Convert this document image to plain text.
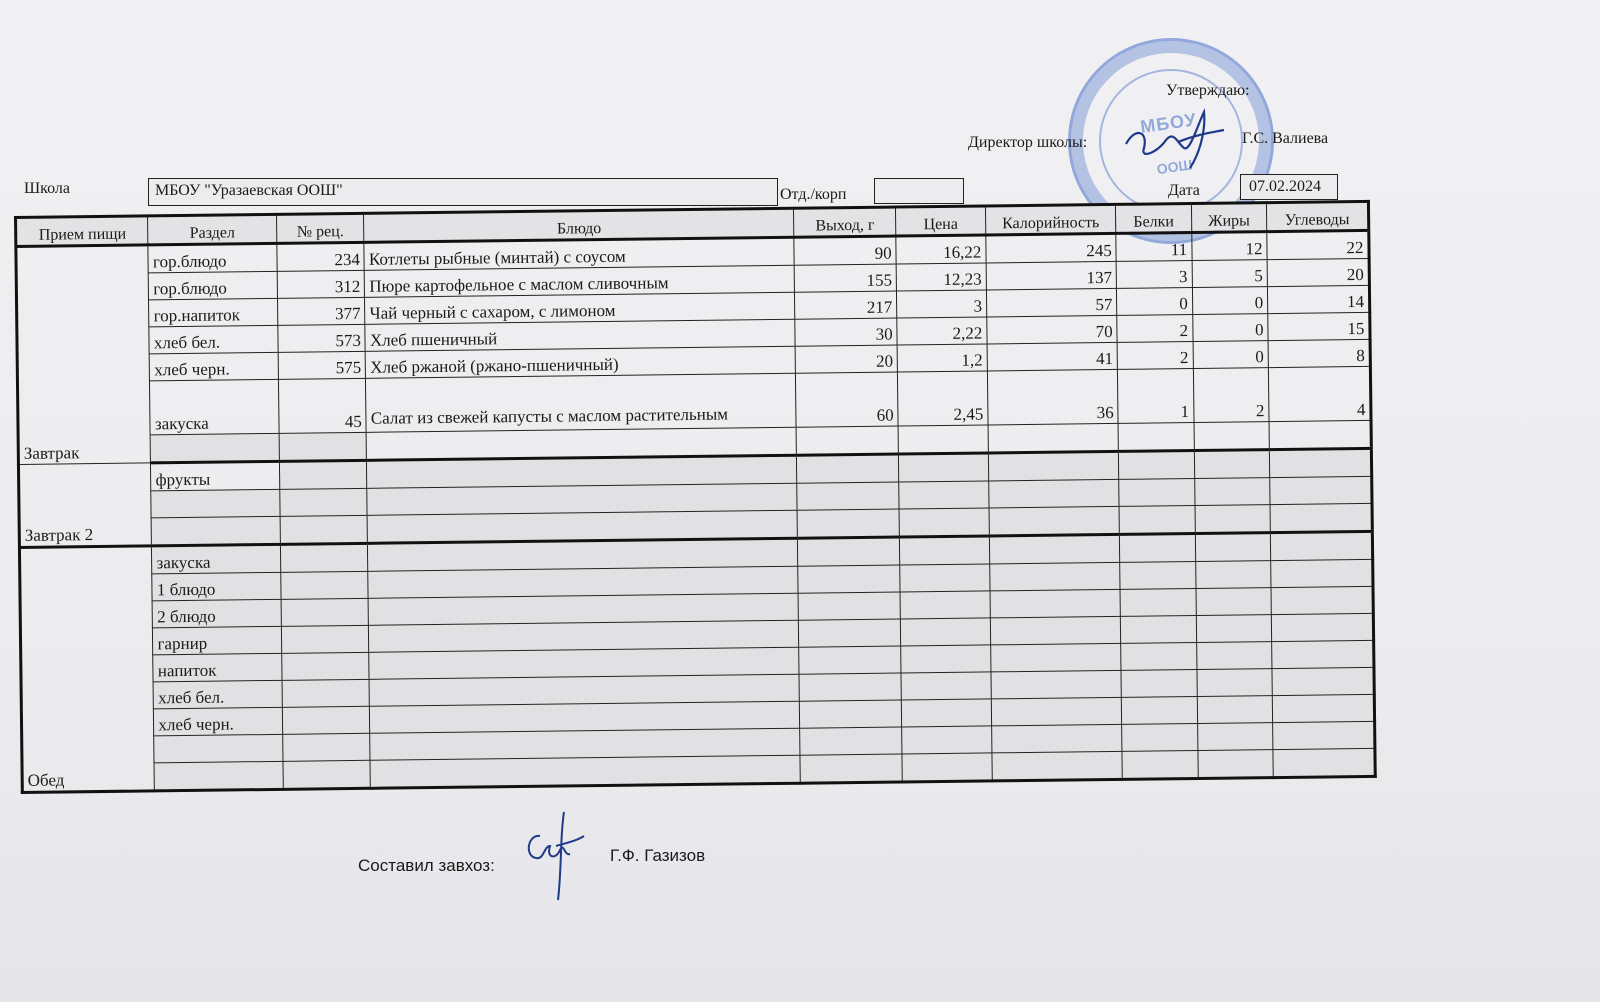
МБОУ
ООШ
Утверждаю:
Директор школы:	Г.С. Валиева
Школа	МБОУ "Уразаевская ООШ"	Отд./корп	Дата	07.02.2024
Прием пищи	Раздел	№ рец.	Блюдо	Выход, г	Цена	Калорийность	Белки	Жиры	Углеводы
Завтрак	гор.блюдо	234	Котлеты рыбные (минтай) с соусом	90	16,22	245	11	12	22
	гор.блюдо	312	Пюре картофельное с маслом сливочным	155	12,23	137	3	5	20
	гор.напиток	377	Чай черный с сахаром, с лимоном	217	3	57	0	0	14
	хлеб бел.	573	Хлеб пшеничный	30	2,22	70	2	0	15
	хлеб черн.	575	Хлеб ржаной (ржано-пшеничный)	20	1,2	41	2	0	8
	закуска	45	Салат из свежей капусты с маслом растительным	60	2,45	36	1	2	4

Завтрак 2	фрукты								

Обед	закуска								
	1 блюдо								
	2 блюдо								
	гарнир								
	напиток								
	хлеб бел.								
	хлеб черн.								

Составил завхоз:
Г.Ф. Газизов
